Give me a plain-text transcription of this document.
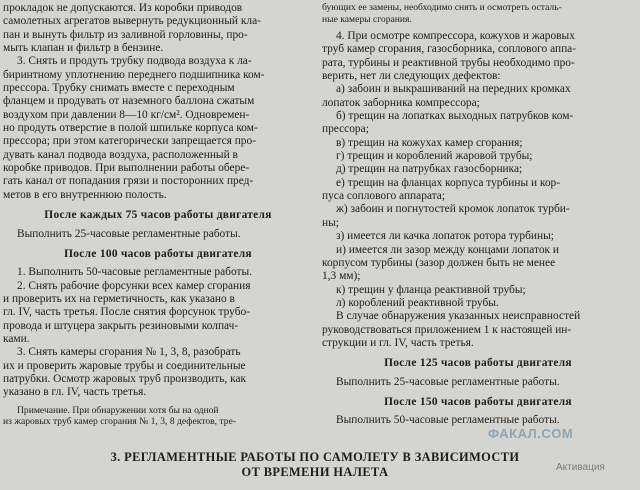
прокладок не допускаются. Из коробки приводов
самолетных агрегатов вывернуть редукционный кла-
пан и вынуть фильтр из заливной горловины, про-
мыть клапан и фильтр в бензине.
3. Снять и продуть трубку подвода воздуха к ла-
биринтному уплотнению переднего подшипника ком-
прессора. Трубку снимать вместе с переходным
фланцем и продувать от наземного баллона сжатым
воздухом при давлении 8—10 кг/см². Одновремен-
но продуть отверстие в полой шпильке корпуса ком-
прессора; при этом категорически запрещается про-
дувать канал подвода воздуха, расположенный в
коробке приводов. При выполнении работы оберe-
гать канал от попадания грязи и посторонних пред-
метов в его внутреннюю полость.
После каждых 75 часов работы двигателя
Выполнить 25-часовые регламентные работы.
После 100 часов работы двигателя
1. Выполнить 50-часовые регламентные работы.
2. Снять рабочие форсунки всех камер сгорания
и проверить их на герметичность, как указано в
гл. IV, часть третья. После снятия форсунок трубо-
провода и штуцера закрыть резиновыми колпач-
ками.
3. Снять камеры сгорания № 1, 3, 8, разобрать
их и проверить жаровые трубы и соединительные
патрубки. Осмотр жаровых труб производить, как
указано в гл. IV, часть третья.
Примечание. При обнаружении хотя бы на одной
из жаровых труб камер сгорания № 1, 3, 8 дефектов, тре-
бующих ее замены, необходимо снять и осмотреть осталь-
ные камеры сгорания.
4. При осмотре компрессора, кожухов и жаровых
труб камер сгорания, газосборника, соплового аппа-
рата, турбины и реактивной трубы необходимо про-
верить, нет ли следующих дефектов:
а) забоин и выкрашиваний на передних кромках
лопаток заборника компрессора;
б) трещин на лопатках выходных патрубков ком-
прессора;
в) трещин на кожухах камер сгорания;
г) трещин и короблений жаровой трубы;
д) трещин на патрубках газосборника;
е) трещин на фланцах корпуса турбины и кор-
пуса соплового аппарата;
ж) забоин и погнутостей кромок лопаток турби-
ны;
з) имеется ли качка лопаток ротора турбины;
и) имеется ли зазор между концами лопаток и
корпусом турбины (зазор должен быть не менее
1,3 мм);
к) трещин у фланца реактивной трубы;
л) короблений реактивной трубы.
В случае обнаружения указанных неисправностей
руководствоваться приложением 1 к настоящей ин-
струкции и гл. IV, часть третья.
После 125 часов работы двигателя
Выполнить 25-часовые регламентные работы.
После 150 часов работы двигателя
Выполнить 50-часовые регламентные работы.
3. РЕГЛАМЕНТНЫЕ РАБОТЫ ПО САМОЛЕТУ В ЗАВИСИМОСТИ
ОТ ВРЕМЕНИ НАЛЕТА
ФАКАЛ.COM
Активация
